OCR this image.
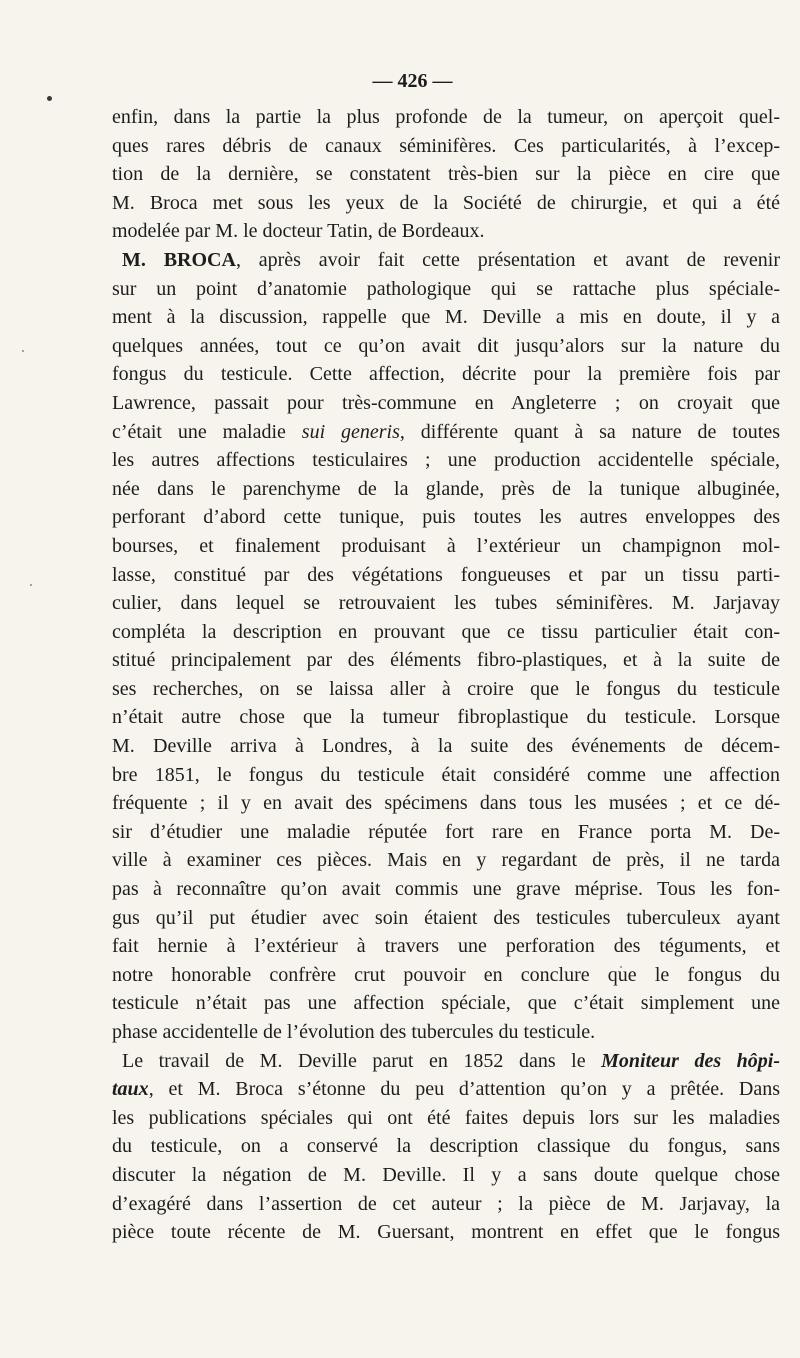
— 426 —
enfin, dans la partie la plus profonde de la tumeur, on aperçoit quel-
ques rares débris de canaux séminifères. Ces particularités, à l’excep-
tion de la dernière, se constatent très-bien sur la pièce en cire que
M. Broca met sous les yeux de la Société de chirurgie, et qui a été
modelée par M. le docteur Tatin, de Bordeaux.
M. BROCA, après avoir fait cette présentation et avant de revenir
sur un point d’anatomie pathologique qui se rattache plus spéciale-
ment à la discussion, rappelle que M. Deville a mis en doute, il y a
quelques années, tout ce qu’on avait dit jusqu’alors sur la nature du
fongus du testicule. Cette affection, décrite pour la première fois par
Lawrence, passait pour très-commune en Angleterre ; on croyait que
c’était une maladie sui generis, différente quant à sa nature de toutes
les autres affections testiculaires ; une production accidentelle spéciale,
née dans le parenchyme de la glande, près de la tunique albuginée,
perforant d’abord cette tunique, puis toutes les autres enveloppes des
bourses, et finalement produisant à l’extérieur un champignon mol-
lasse, constitué par des végétations fongueuses et par un tissu parti-
culier, dans lequel se retrouvaient les tubes séminifères. M. Jarjavay
compléta la description en prouvant que ce tissu particulier était con-
stitué principalement par des éléments fibro-plastiques, et à la suite de
ses recherches, on se laissa aller à croire que le fongus du testicule
n’était autre chose que la tumeur fibroplastique du testicule. Lorsque
M. Deville arriva à Londres, à la suite des événements de décem-
bre 1851, le fongus du testicule était considéré comme une affection
fréquente ; il y en avait des spécimens dans tous les musées ; et ce dé-
sir d’étudier une maladie réputée fort rare en France porta M. De-
ville à examiner ces pièces. Mais en y regardant de près, il ne tarda
pas à reconnaître qu’on avait commis une grave méprise. Tous les fon-
gus qu’il put étudier avec soin étaient des testicules tuberculeux ayant
fait hernie à l’extérieur à travers une perforation des téguments, et
notre honorable confrère crut pouvoir en conclure que le fongus du
testicule n’était pas une affection spéciale, que c’était simplement une
phase accidentelle de l’évolution des tubercules du testicule.
Le travail de M. Deville parut en 1852 dans le Moniteur des hôpi-
taux, et M. Broca s’étonne du peu d’attention qu’on y a prêtée. Dans
les publications spéciales qui ont été faites depuis lors sur les maladies
du testicule, on a conservé la description classique du fongus, sans
discuter la négation de M. Deville. Il y a sans doute quelque chose
d’exagéré dans l’assertion de cet auteur ; la pièce de M. Jarjavay, la
pièce toute récente de M. Guersant, montrent en effet que le fongus
